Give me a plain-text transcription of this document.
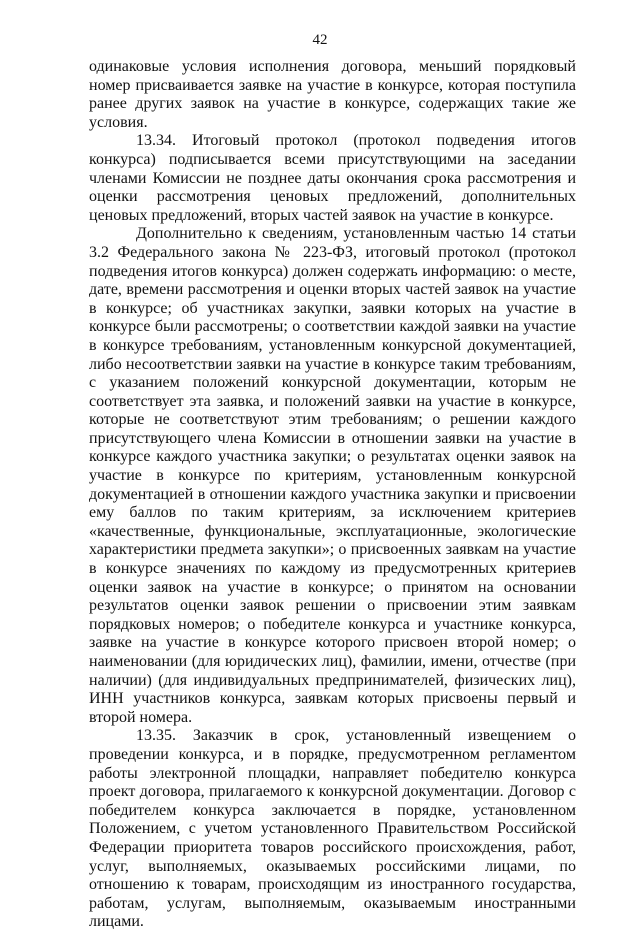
42

одинаковые условия исполнения договора, меньший порядковый номер присваивается заявке на участие в конкурсе, которая поступила ранее других заявок на участие в конкурсе, содержащих такие же условия.

13.34. Итоговый протокол (протокол подведения итогов конкурса) подписывается всеми присутствующими на заседании членами Комиссии не позднее даты окончания срока рассмотрения и оценки рассмотрения ценовых предложений, дополнительных ценовых предложений, вторых частей заявок на участие в конкурсе.

Дополнительно к сведениям, установленным частью 14 статьи 3.2 Федерального закона № 223-ФЗ, итоговый протокол (протокол подведения итогов конкурса) должен содержать информацию: о месте, дате, времени рассмотрения и оценки вторых частей заявок на участие в конкурсе; об участниках закупки, заявки которых на участие в конкурсе были рассмотрены; о соответствии каждой заявки на участие в конкурсе требованиям, установленным конкурсной документацией, либо несоответствии заявки на участие в конкурсе таким требованиям, с указанием положений конкурсной документации, которым не соответствует эта заявка, и положений заявки на участие в конкурсе, которые не соответствуют этим требованиям; о решении каждого присутствующего члена Комиссии в отношении заявки на участие в конкурсе каждого участника закупки; о результатах оценки заявок на участие в конкурсе по критериям, установленным конкурсной документацией в отношении каждого участника закупки и присвоении ему баллов по таким критериям, за исключением критериев «качественные, функциональные, эксплуатационные, экологические характеристики предмета закупки»; о присвоенных заявкам на участие в конкурсе значениях по каждому из предусмотренных критериев оценки заявок на участие в конкурсе; о принятом на основании результатов оценки заявок решении о присвоении этим заявкам порядковых номеров; о победителе конкурса и участнике конкурса, заявке на участие в конкурсе которого присвоен второй номер; о наименовании (для юридических лиц), фамилии, имени, отчестве (при наличии) (для индивидуальных предпринимателей, физических лиц), ИНН участников конкурса, заявкам которых присвоены первый и второй номера.

13.35. Заказчик в срок, установленный извещением о проведении конкурса, и в порядке, предусмотренном регламентом работы электронной площадки, направляет победителю конкурса проект договора, прилагаемого к конкурсной документации. Договор с победителем конкурса заключается в порядке, установленном Положением, с учетом установленного Правительством Российской Федерации приоритета товаров российского происхождения, работ, услуг, выполняемых, оказываемых российскими лицами, по отношению к товарам, происходящим из иностранного государства, работам, услугам, выполняемым, оказываемым иностранными лицами.
